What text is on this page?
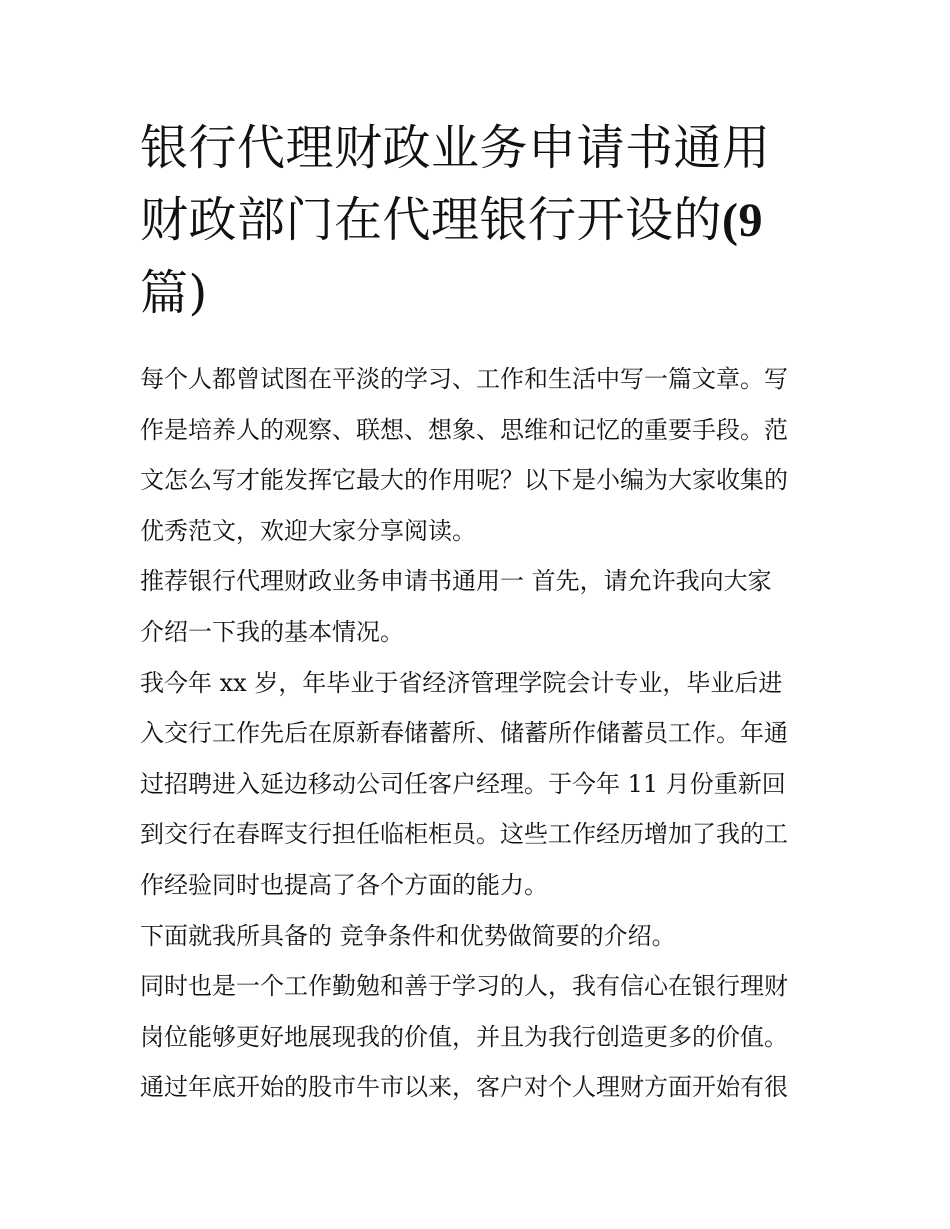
银行代理财政业务申请书通用
财政部门在代理银行开设的(9
篇)
每个人都曾试图在平淡的学习、工作和生活中写一篇文章。写
作是培养人的观察、联想、想象、思维和记忆的重要手段。范
文怎么写才能发挥它最大的作用呢？以下是小编为大家收集的
优秀范文，欢迎大家分享阅读。
推荐银行代理财政业务申请书通用一 首先，请允许我向大家
介绍一下我的基本情况。
我今年 xx 岁，年毕业于省经济管理学院会计专业，毕业后进
入交行工作先后在原新春储蓄所、储蓄所作储蓄员工作。年通
过招聘进入延边移动公司任客户经理。于今年 11 月份重新回
到交行在春晖支行担任临柜柜员。这些工作经历增加了我的工
作经验同时也提高了各个方面的能力。
下面就我所具备的 竞争条件和优势做简要的介绍。
同时也是一个工作勤勉和善于学习的人，我有信心在银行理财
岗位能够更好地展现我的价值，并且为我行创造更多的价值。
通过年底开始的股市牛市以来，客户对个人理财方面开始有很
